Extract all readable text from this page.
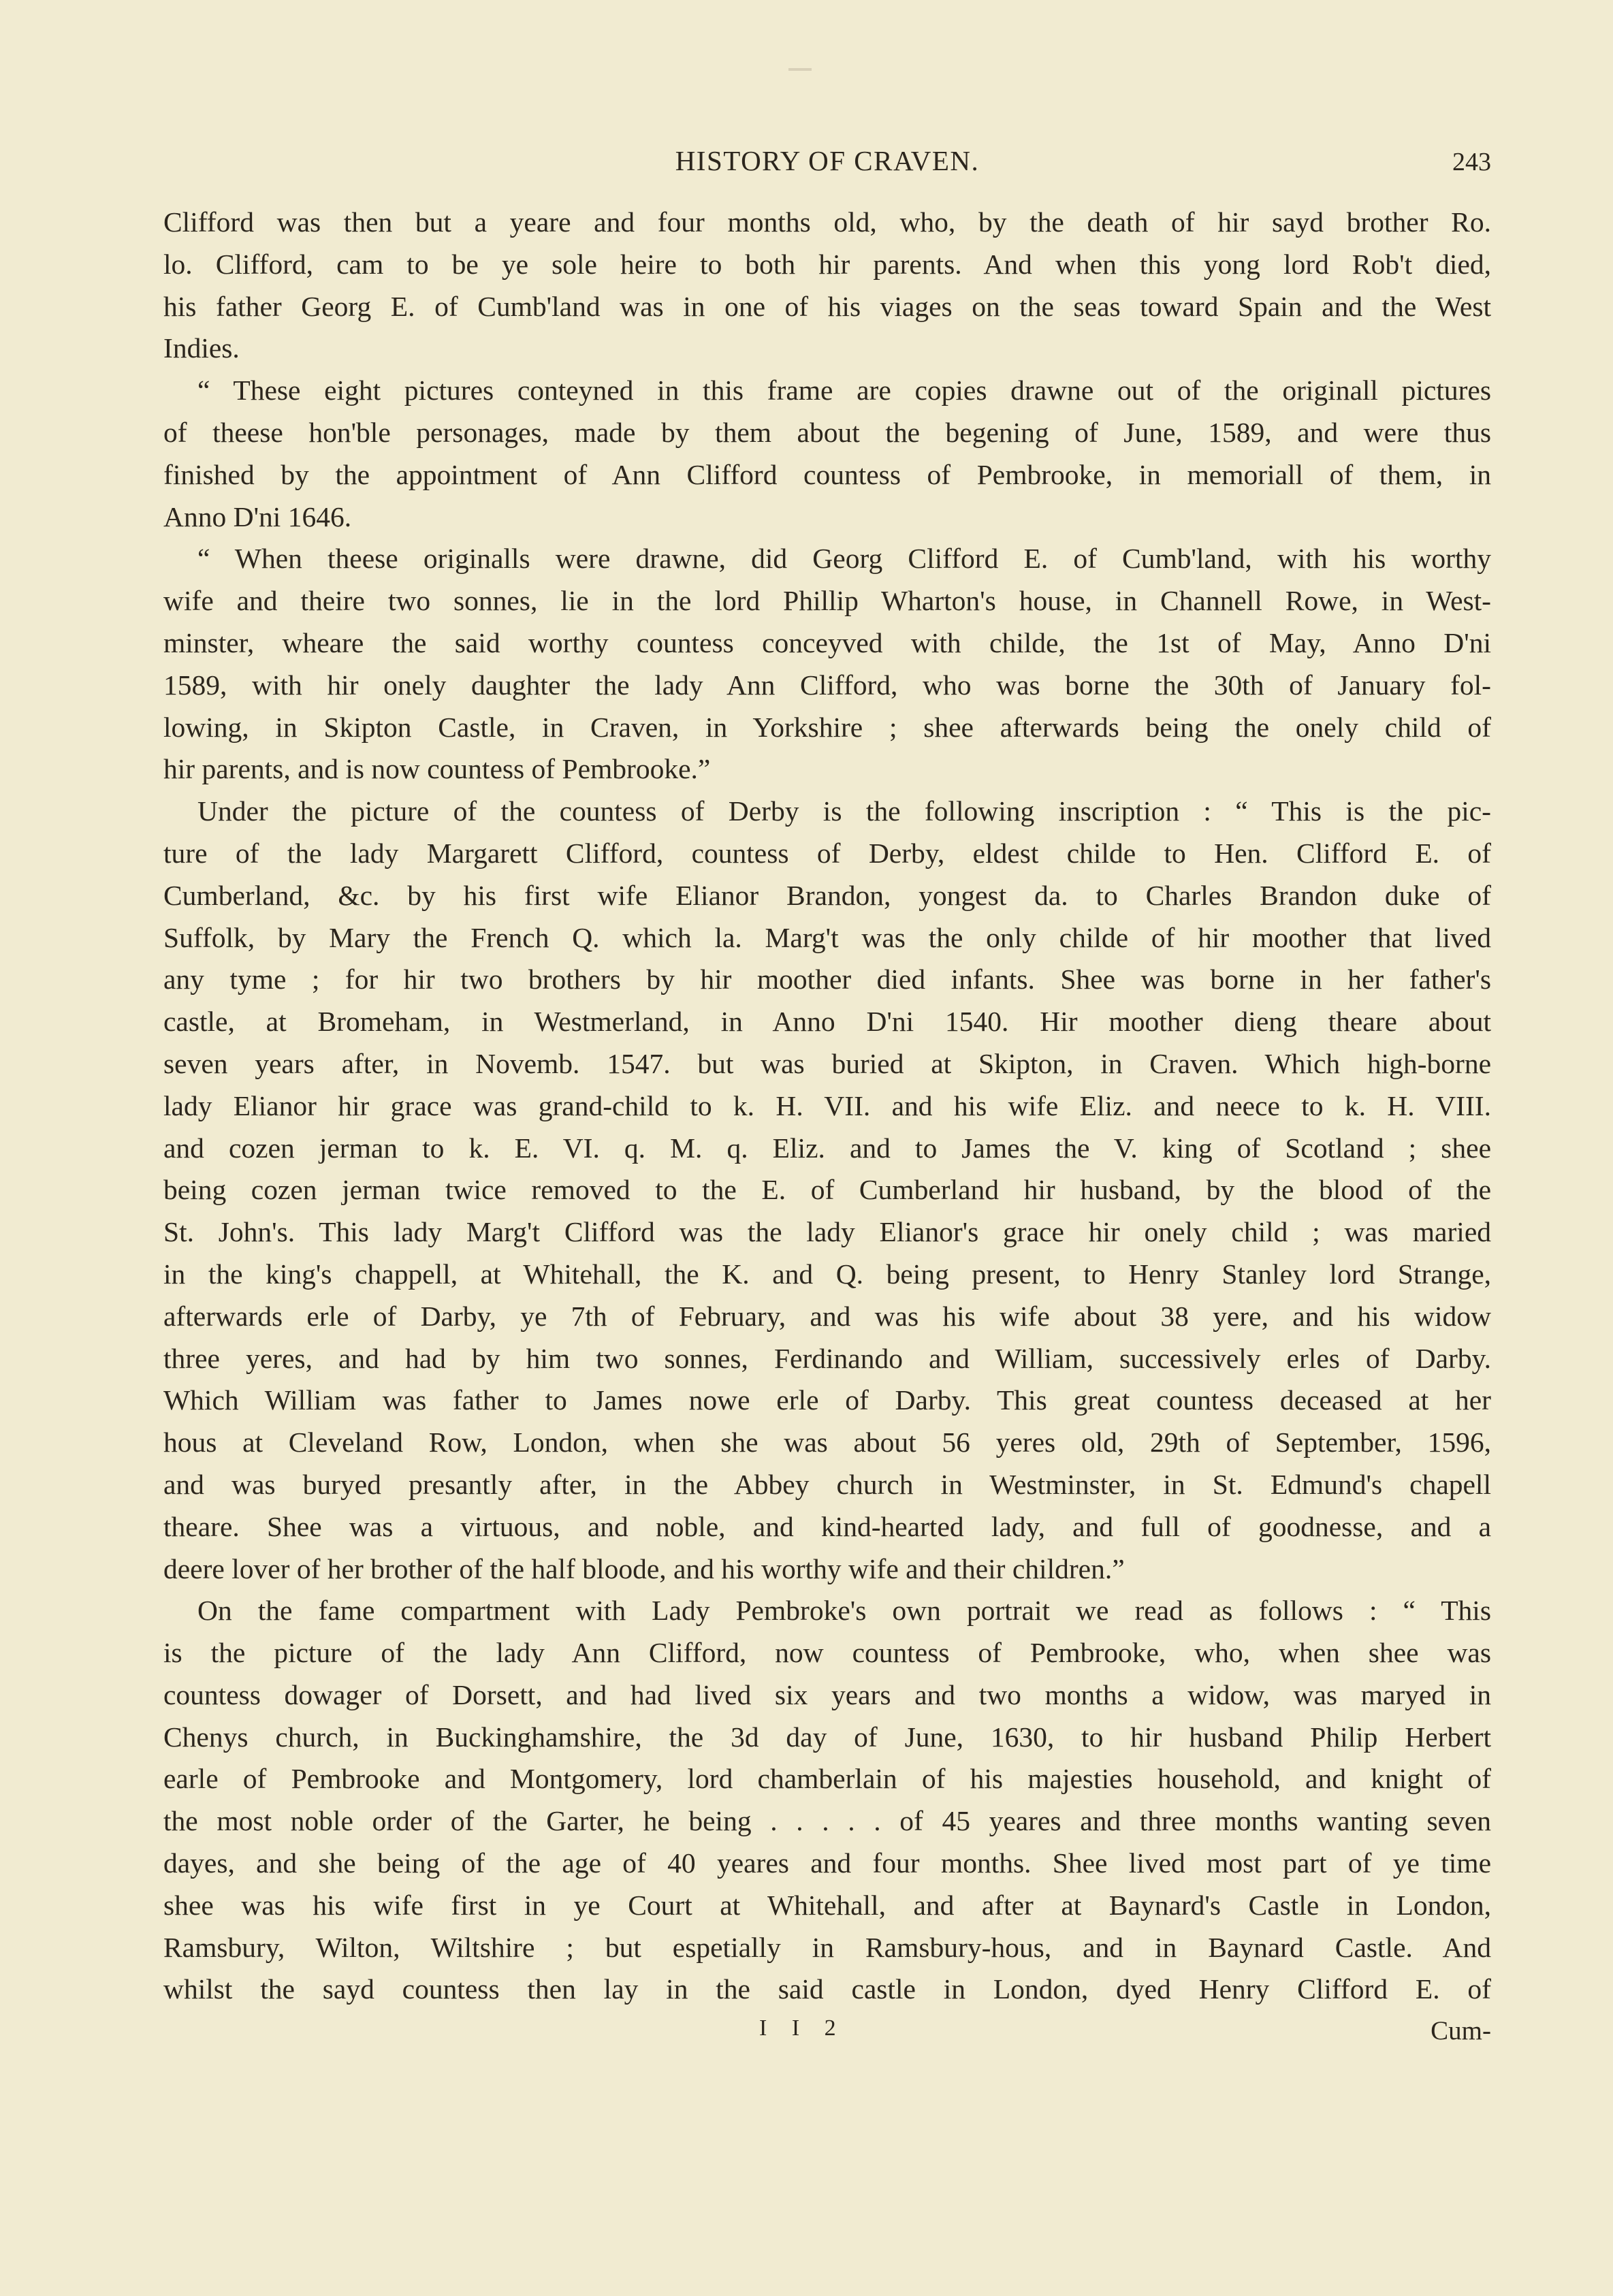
HISTORY OF CRAVEN.	243
Clifford was then but a yeare and four months old, who, by the death of hir sayd brother Ro.
lo. Clifford, cam to be ye sole heire to both hir parents. And when this yong lord Rob't died,
his father Georg E. of Cumb'land was in one of his viages on the seas toward Spain and the West
Indies.
“ These eight pictures conteyned in this frame are copies drawne out of the originall pictures
of theese hon'ble personages, made by them about the begening of June, 1589, and were thus
finished by the appointment of Ann Clifford countess of Pembrooke, in memoriall of them, in
Anno D'ni 1646.
“ When theese originalls were drawne, did Georg Clifford E. of Cumb'land, with his worthy
wife and theire two sonnes, lie in the lord Phillip Wharton's house, in Channell Rowe, in West-
minster, wheare the said worthy countess conceyved with childe, the 1st of May, Anno D'ni
1589, with hir onely daughter the lady Ann Clifford, who was borne the 30th of January fol-
lowing, in Skipton Castle, in Craven, in Yorkshire ; shee afterwards being the onely child of
hir parents, and is now countess of Pembrooke.”
Under the picture of the countess of Derby is the following inscription : “ This is the pic-
ture of the lady Margarett Clifford, countess of Derby, eldest childe to Hen. Clifford E. of
Cumberland, &c. by his first wife Elianor Brandon, yongest da. to Charles Brandon duke of
Suffolk, by Mary the French Q. which la. Marg't was the only childe of hir moother that lived
any tyme ; for hir two brothers by hir moother died infants. Shee was borne in her father's
castle, at Bromeham, in Westmerland, in Anno D'ni 1540. Hir moother dieng theare about
seven years after, in Novemb. 1547. but was buried at Skipton, in Craven. Which high-borne
lady Elianor hir grace was grand-child to k. H. VII. and his wife Eliz. and neece to k. H. VIII.
and cozen jerman to k. E. VI. q. M. q. Eliz. and to James the V. king of Scotland ; shee
being cozen jerman twice removed to the E. of Cumberland hir husband, by the blood of the
St. John's. This lady Marg't Clifford was the lady Elianor's grace hir onely child ; was maried
in the king's chappell, at Whitehall, the K. and Q. being present, to Henry Stanley lord Strange,
afterwards erle of Darby, ye 7th of February, and was his wife about 38 yere, and his widow
three yeres, and had by him two sonnes, Ferdinando and William, successively erles of Darby.
Which William was father to James nowe erle of Darby. This great countess deceased at her
hous at Cleveland Row, London, when she was about 56 yeres old, 29th of September, 1596,
and was buryed presantly after, in the Abbey church in Westminster, in St. Edmund's chapell
theare. Shee was a virtuous, and noble, and kind-hearted lady, and full of goodnesse, and a
deere lover of her brother of the half bloode, and his worthy wife and their children.”
On the fame compartment with Lady Pembroke's own portrait we read as follows : “ This
is the picture of the lady Ann Clifford, now countess of Pembrooke, who, when shee was
countess dowager of Dorsett, and had lived six years and two months a widow, was maryed in
Chenys church, in Buckinghamshire, the 3d day of June, 1630, to hir husband Philip Herbert
earle of Pembrooke and Montgomery, lord chamberlain of his majesties household, and knight of
the most noble order of the Garter, he being . . . . . of 45 yeares and three months wanting seven
dayes, and she being of the age of 40 yeares and four months. Shee lived most part of ye time
shee was his wife first in ye Court at Whitehall, and after at Baynard's Castle in London,
Ramsbury, Wilton, Wiltshire ; but espetially in Ramsbury-hous, and in Baynard Castle. And
whilst the sayd countess then lay in the said castle in London, dyed Henry Clifford E. of
I I 2	Cum-
